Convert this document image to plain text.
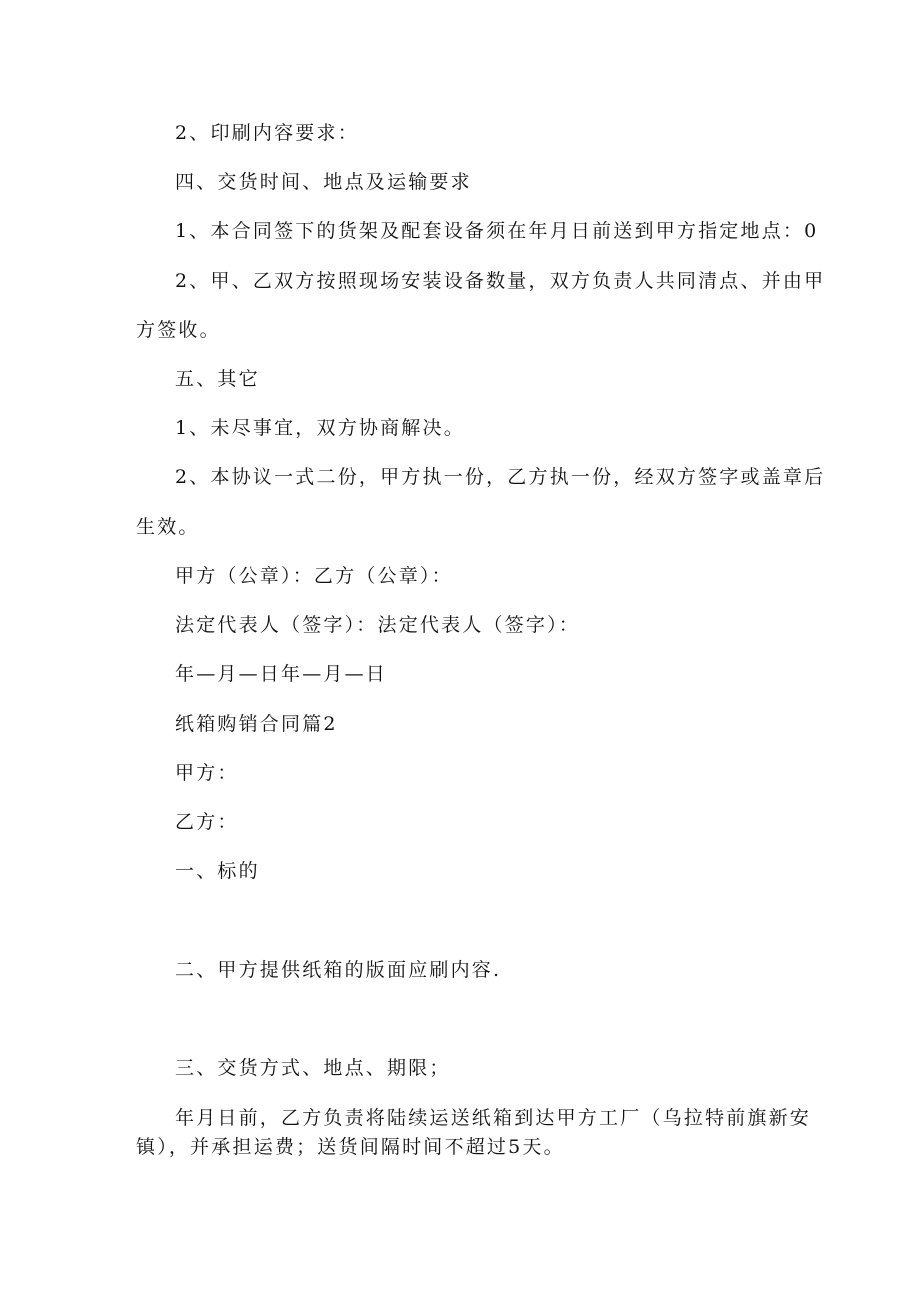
2、印刷内容要求：
四、交货时间、地点及运输要求
1、本合同签下的货架及配套设备须在年月日前送到甲方指定地点：0
2、甲、乙双方按照现场安装设备数量，双方负责人共同清点、并由甲
方签收。
五、其它
1、未尽事宜，双方协商解决。
2、本协议一式二份，甲方执一份，乙方执一份，经双方签字或盖章后
生效。
甲方（公章）：乙方（公章）：
法定代表人（签字）：法定代表人（签字）：
年—月—日年—月—日
纸箱购销合同篇2
甲方：
乙方：
一、标的
二、甲方提供纸箱的版面应刷内容.
三、交货方式、地点、期限；
年月日前，乙方负责将陆续运送纸箱到达甲方工厂（乌拉特前旗新安
镇），并承担运费；送货间隔时间不超过5天。
